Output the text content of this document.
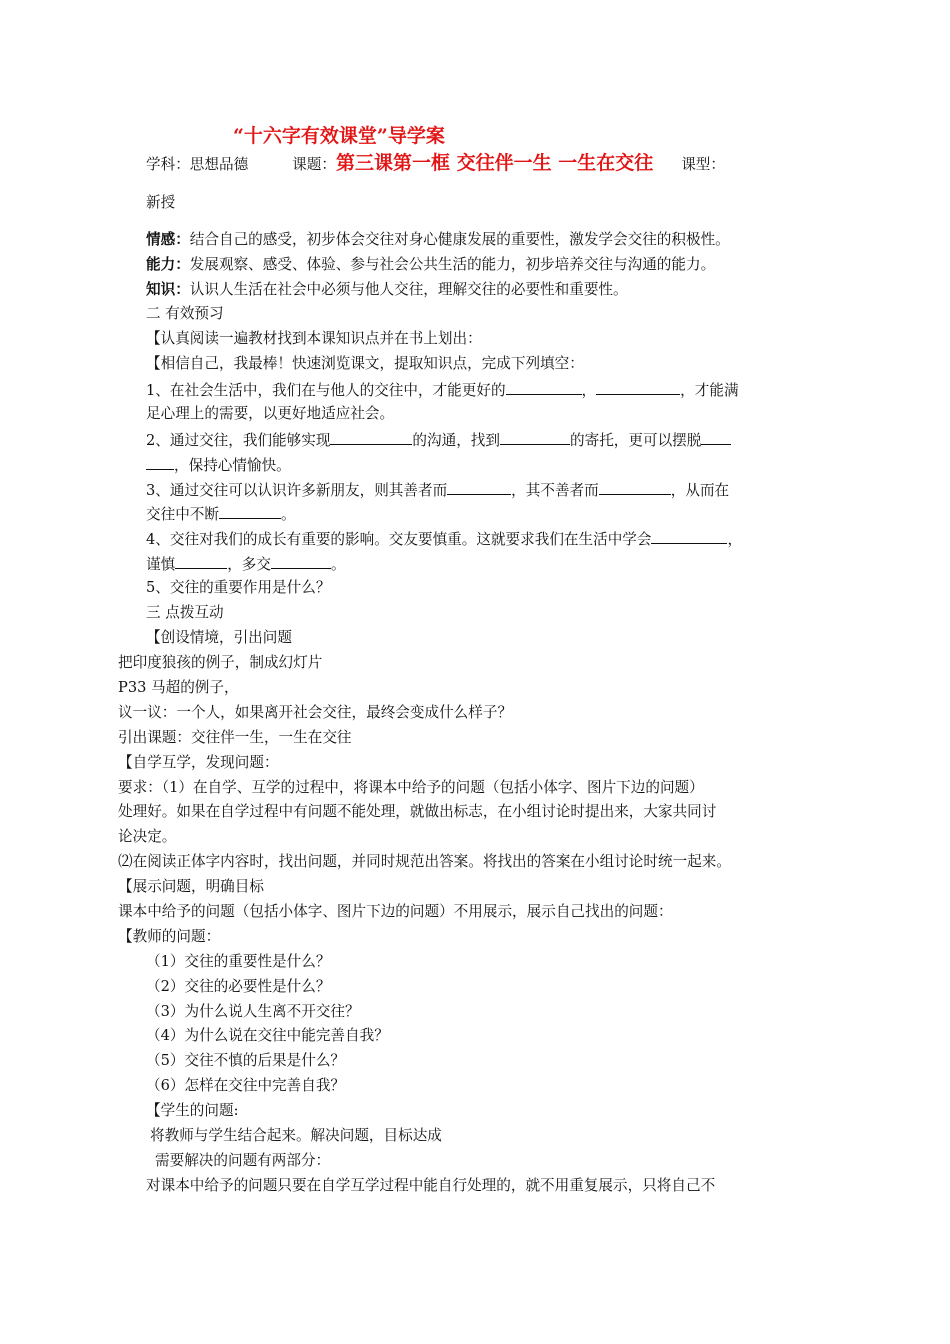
“十六字有效课堂”导学案
学科：思想品德	课题：第三课第一框 交往伴一生 一生在交往 课型：
新授
情感：结合自己的感受，初步体会交往对身心健康发展的重要性，激发学会交往的积极性。
能力：发展观察、感受、体验、参与社会公共生活的能力，初步培养交往与沟通的能力。
知识：认识人生活在社会中必须与他人交往，理解交往的必要性和重要性。
二 有效预习
【认真阅读一遍教材找到本课知识点并在书上划出：
【相信自己，我最棒！快速浏览课文，提取知识点，完成下列填空：
1、在社会生活中，我们在与他人的交往中，才能更好的	，	，才能满
足心理上的需要，以更好地适应社会。
2、通过交往，我们能够实现	的沟通，找到	的寄托，更可以摆脱
，保持心情愉快。
3、通过交往可以认识许多新朋友，则其善者而	，其不善者而	，从而在
交往中不断	。
4、交往对我们的成长有重要的影响。交友要慎重。这就要求我们在生活中学会	，
谨慎	，多交	。
5、交往的重要作用是什么？
三 点拨互动
【创设情境，引出问题
把印度狼孩的例子，制成幻灯片
P33 马超的例子，
议一议：一个人，如果离开社会交往，最终会变成什么样子？
引出课题：交往伴一生，一生在交往
【自学互学，发现问题：
要求：（1）在自学、互学的过程中，将课本中给予的问题（包括小体字、图片下边的问题）
处理好。如果在自学过程中有问题不能处理，就做出标志，在小组讨论时提出来，大家共同讨
论决定。
⑵在阅读正体字内容时，找出问题，并同时规范出答案。将找出的答案在小组讨论时统一起来。
【展示问题，明确目标
课本中给予的问题（包括小体字、图片下边的问题）不用展示，展示自己找出的问题：
【教师的问题：
（1）交往的重要性是什么？
（2）交往的必要性是什么？
（3）为什么说人生离不开交往？
（4）为什么说在交往中能完善自我？
（5）交往不慎的后果是什么？
（6）怎样在交往中完善自我？
【学生的问题:
将教师与学生结合起来。解决问题，目标达成
需要解决的问题有两部分：
对课本中给予的问题只要在自学互学过程中能自行处理的，就不用重复展示，只将自己不
